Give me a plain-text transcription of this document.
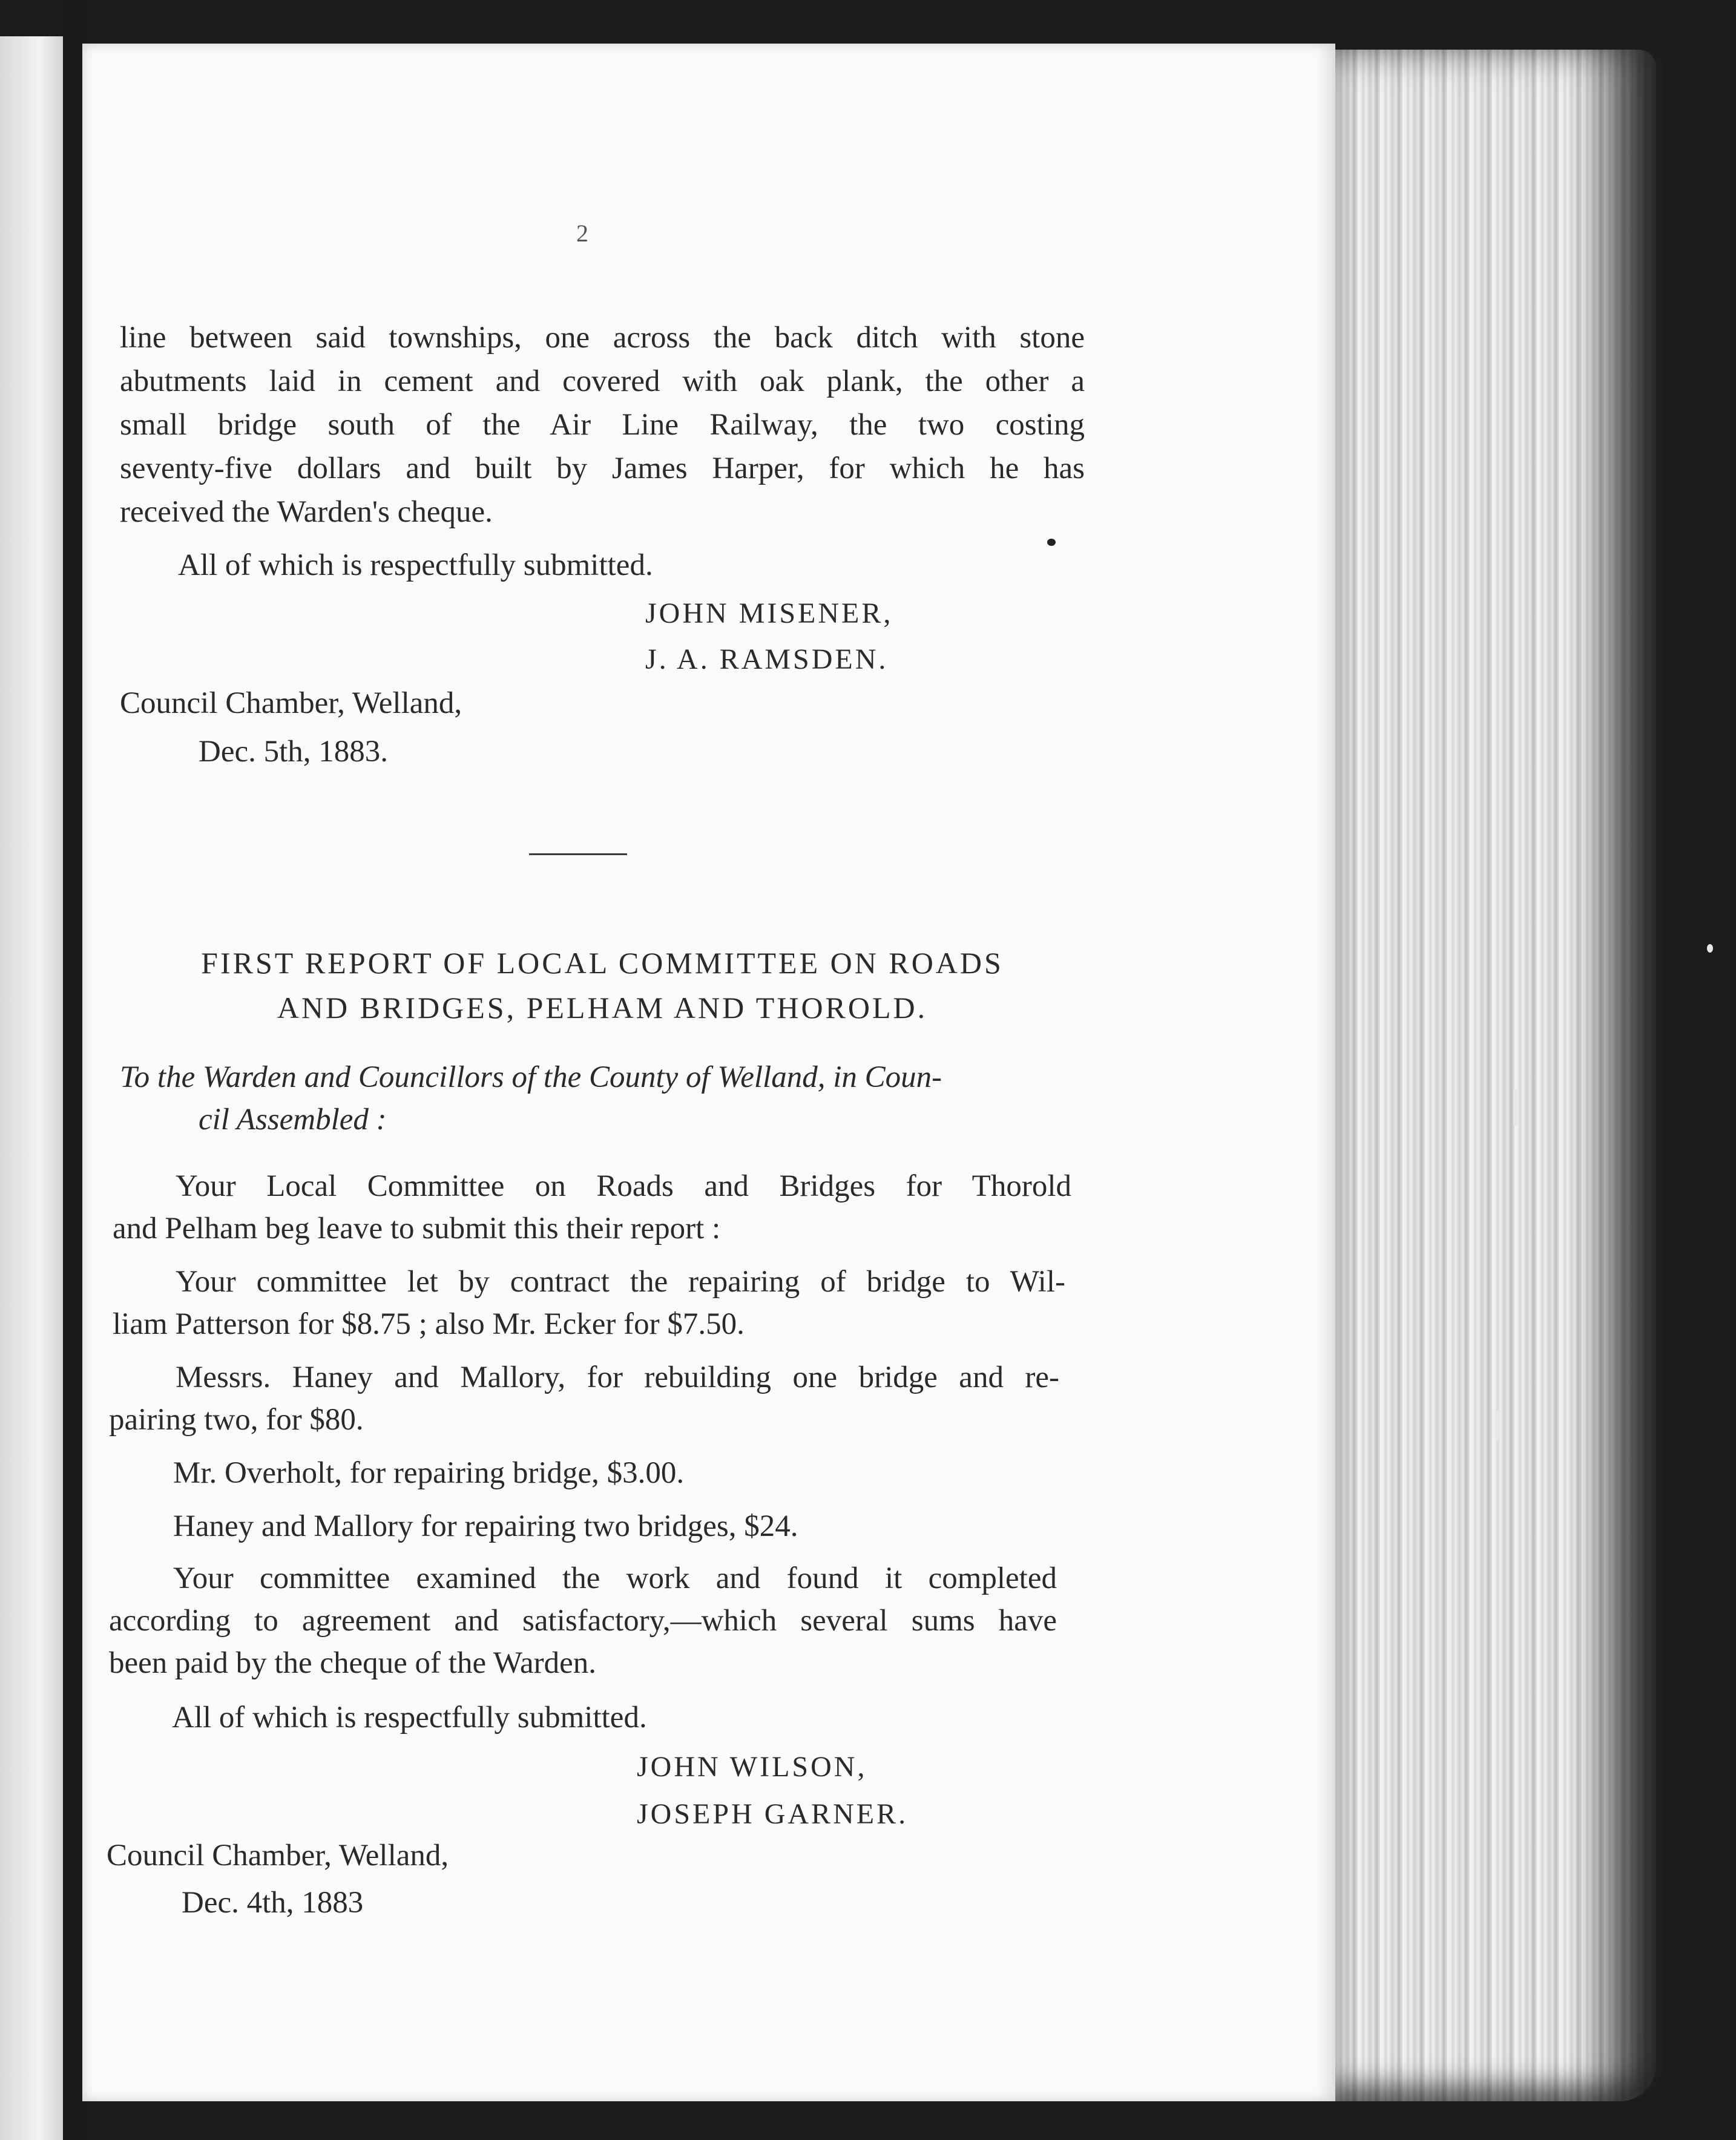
2
line between said townships, one across the back ditch with stone
abutments laid in cement and covered with oak plank, the other a
small bridge south of the Air Line Railway, the two costing
seventy-five dollars and built by James Harper, for which he has
received the Warden's cheque.
All of which is respectfully submitted.
JOHN MISENER,
J. A. RAMSDEN.
Council Chamber, Welland,
Dec. 5th, 1883.
FIRST REPORT OF LOCAL COMMITTEE ON ROADS
AND BRIDGES, PELHAM AND THOROLD.
To the Warden and Councillors of the County of Welland, in Coun-
cil Assembled :
Your Local Committee on Roads and Bridges for Thorold
and Pelham beg leave to submit this their report :
Your committee let by contract the repairing of bridge to Wil-
liam Patterson for $8.75 ; also Mr. Ecker for $7.50.
Messrs. Haney and Mallory, for rebuilding one bridge and re-
pairing two, for $80.
Mr. Overholt, for repairing bridge, $3.00.
Haney and Mallory for repairing two bridges, $24.
Your committee examined the work and found it completed
according to agreement and satisfactory,—which several sums have
been paid by the cheque of the Warden.
All of which is respectfully submitted.
JOHN WILSON,
JOSEPH GARNER.
Council Chamber, Welland,
Dec. 4th, 1883
